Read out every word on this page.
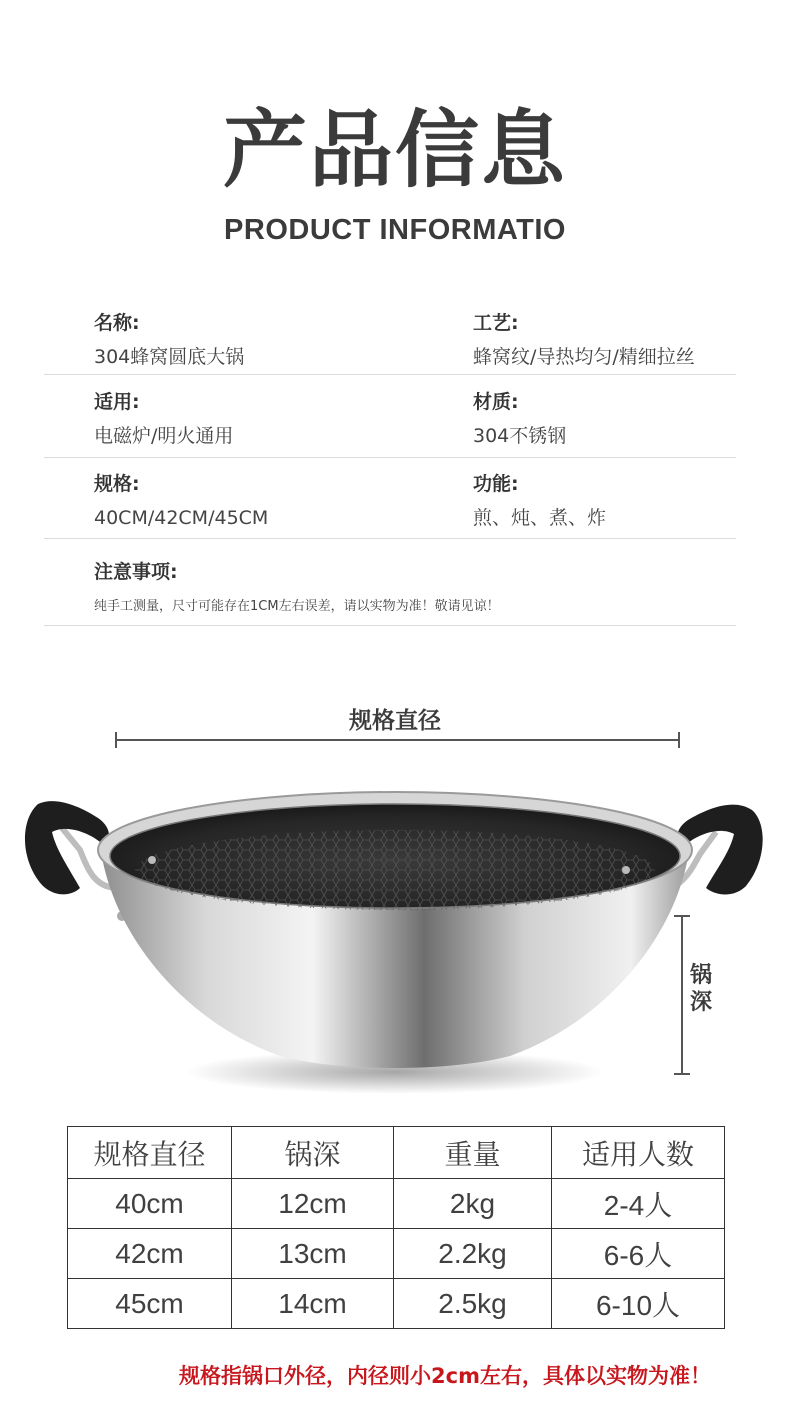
产品信息
PRODUCT INFORMATIO
名称:
304蜂窝圆底大锅
工艺:
蜂窝纹/导热均匀/精细拉丝
适用:
电磁炉/明火通用
材质:
304不锈钢
规格:
40CM/42CM/45CM
功能:
煎、炖、煮、炸
注意事项:
纯手工测量，尺寸可能存在1CM左右误差，请以实物为准！敬请见谅！
规格直径
锅深
规格直径	锅深	重量	适用人数
40cm	12cm	2kg	2-4人
42cm	13cm	2.2kg	6-6人
45cm	14cm	2.5kg	6-10人
规格指锅口外径，内径则小2cm左右，具体以实物为准！
